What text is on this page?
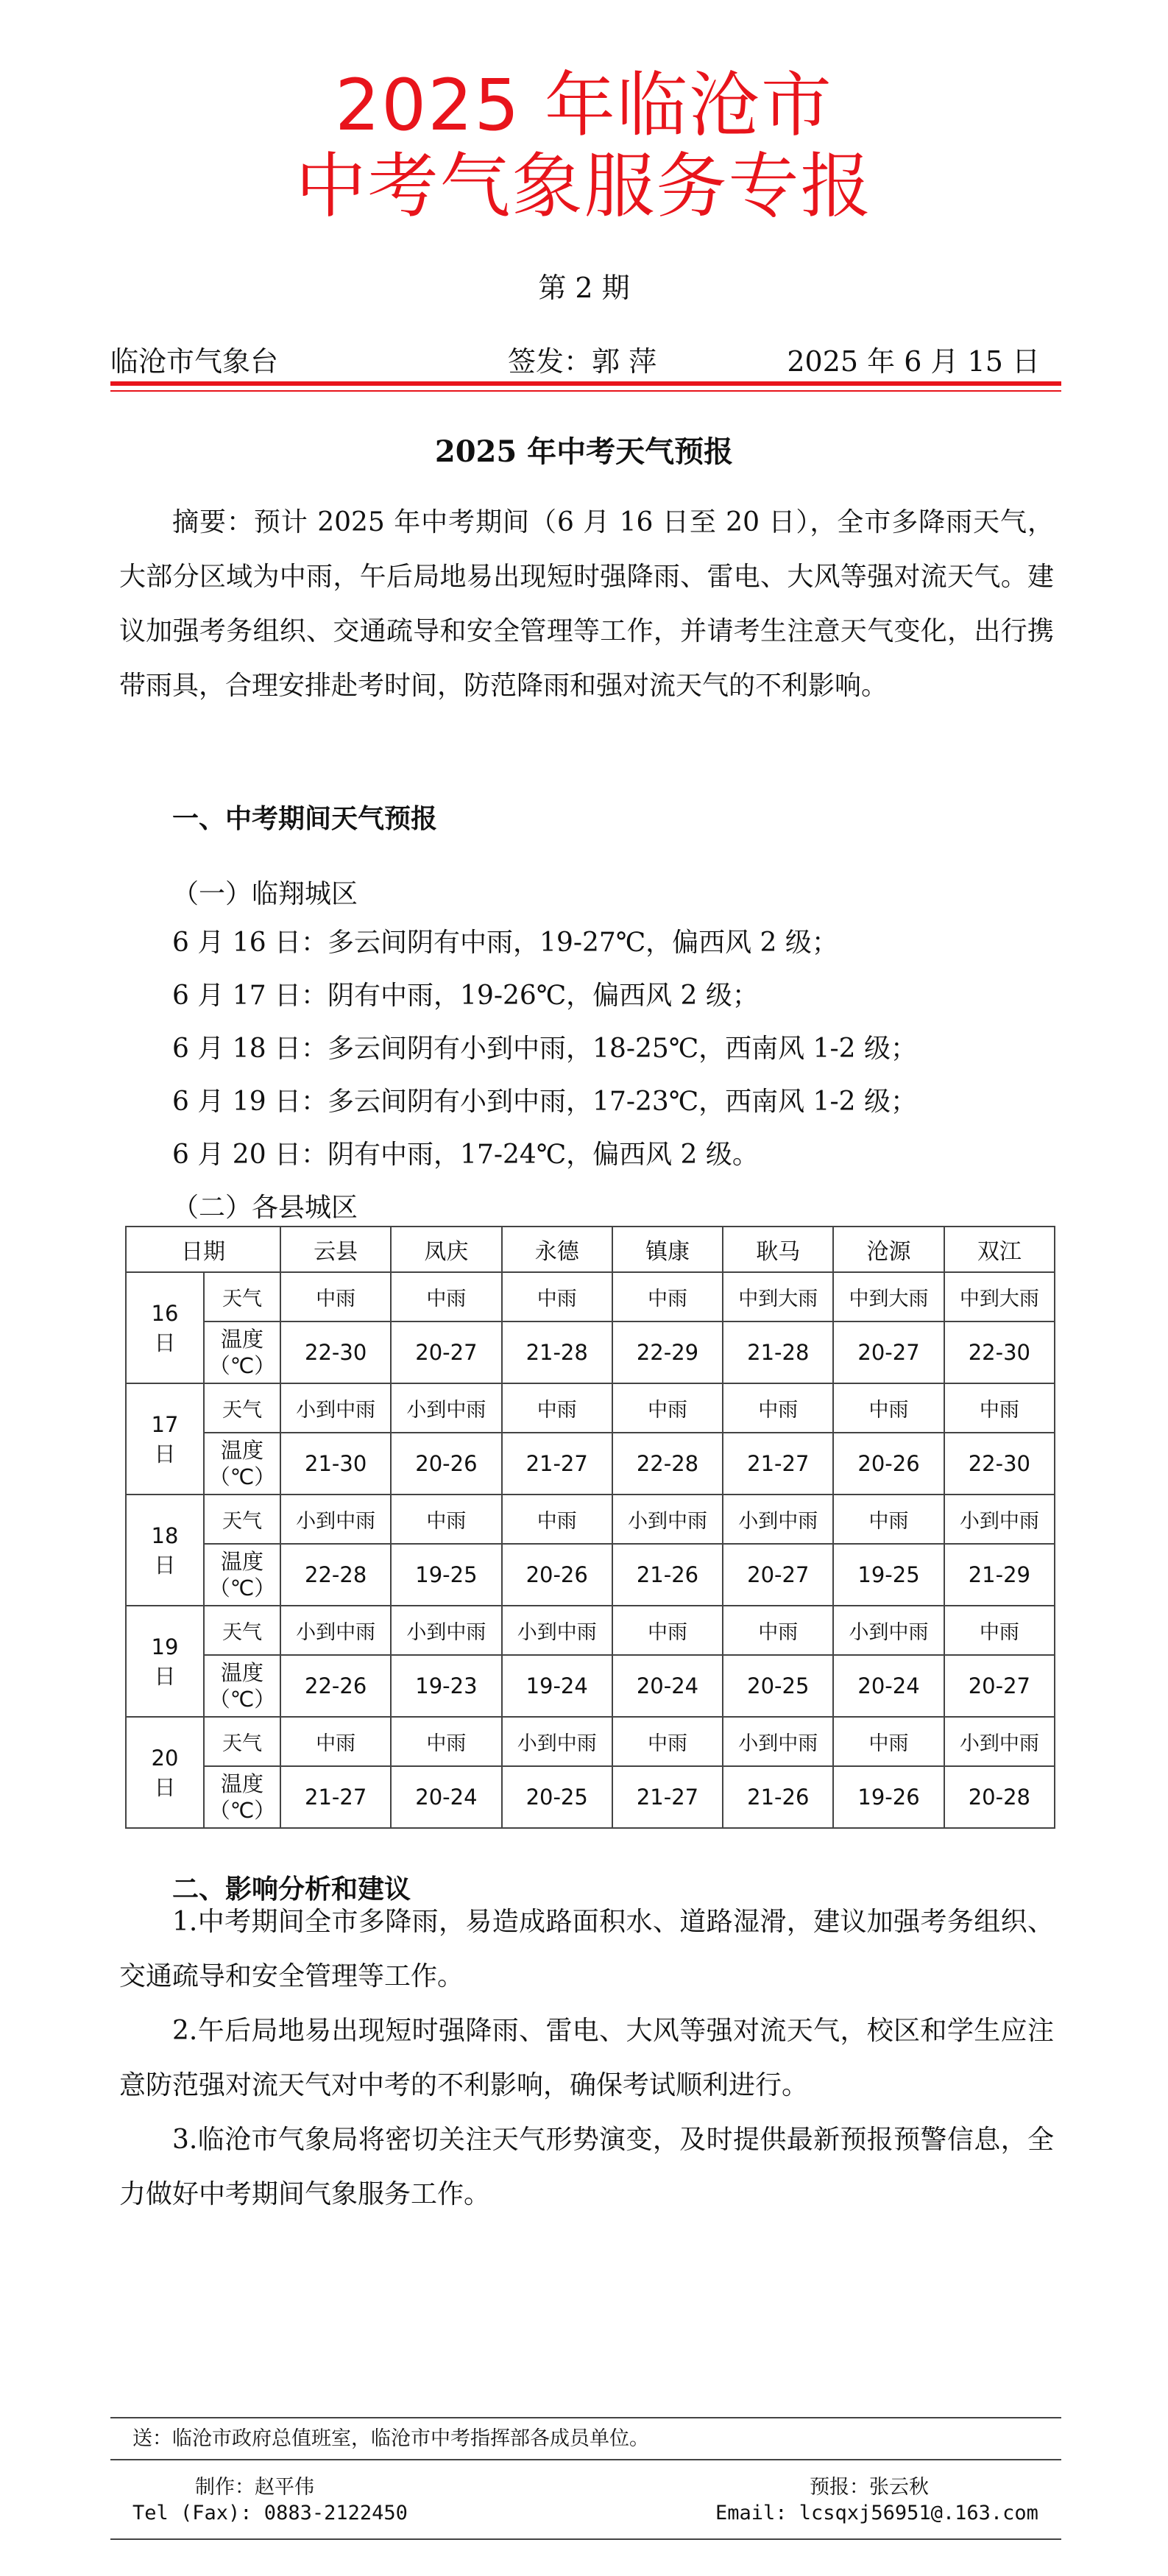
2025 年临沧市
中考气象服务专报
第 2 期
临沧市气象台	签发：郭 萍	2025 年 6 月 15 日
2025 年中考天气预报

摘要：预计 2025 年中考期间（6 月 16 日至 20 日），全市多降雨天气，大部分区域为中雨，午后局地易出现短时强降雨、雷电、大风等强对流天气。建议加强考务组织、交通疏导和安全管理等工作，并请考生注意天气变化，出行携带雨具，合理安排赴考时间，防范降雨和强对流天气的不利影响。

一、中考期间天气预报
（一）临翔城区
6 月 16 日：多云间阴有中雨，19-27℃，偏西风 2 级；
6 月 17 日：阴有中雨，19-26℃，偏西风 2 级；
6 月 18 日：多云间阴有小到中雨，18-25℃，西南风 1-2 级；
6 月 19 日：多云间阴有小到中雨，17-23℃，西南风 1-2 级；
6 月 20 日：阴有中雨，17-24℃，偏西风 2 级。
（二）各县城区
日期		云县	凤庆	永德	镇康	耿马	沧源	双江

16
日	天气	中雨	中雨	中雨	中雨	中到大雨	中到大雨	中到大雨

	温度
（℃）	22-30	20-27	21-28	22-29	21-28	20-27	22-30

17
日	天气	小到中雨	小到中雨	中雨	中雨	中雨	中雨	中雨

	温度
（℃）	21-30	20-26	21-27	22-28	21-27	20-26	22-30

18
日	天气	小到中雨	中雨	中雨	小到中雨	小到中雨	中雨	小到中雨

	温度
（℃）	22-28	19-25	20-26	21-26	20-27	19-25	21-29

19
日	天气	小到中雨	小到中雨	小到中雨	中雨	中雨	小到中雨	中雨

	温度
（℃）	22-26	19-23	19-24	20-24	20-25	20-24	20-27

20
日	天气	中雨	中雨	小到中雨	中雨	小到中雨	中雨	小到中雨

	温度
（℃）	21-27	20-24	20-25	21-27	21-26	19-26	20-28
二、影响分析和建议

1.中考期间全市多降雨，易造成路面积水、道路湿滑，建议加强考务组织、交通疏导和安全管理等工作。

2.午后局地易出现短时强降雨、雷电、大风等强对流天气，校区和学生应注意防范强对流天气对中考的不利影响，确保考试顺利进行。

3.临沧市气象局将密切关注天气形势演变，及时提供最新预报预警信息，全力做好中考期间气象服务工作。

送：临沧市政府总值班室，临沧市中考指挥部各成员单位。
制作：赵平伟	预报：张云秋
Tel (Fax): 0883-2122450	Email: lcsqxj56951@.163.com
